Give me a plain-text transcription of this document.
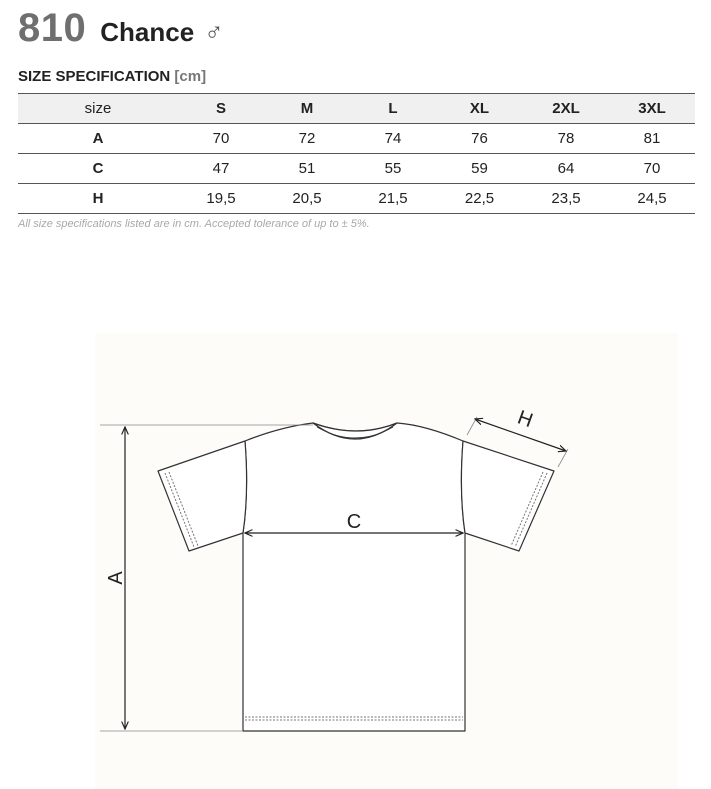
810 Chance ♂
SIZE SPECIFICATION [cm]
size	S	M	L	XL	2XL	3XL
A	70	72	74	76	78	81
C	47	51	55	59	64	70
H	19,5	20,5	21,5	22,5	23,5	24,5
All size specifications listed are in cm. Accepted tolerance of up to ± 5%.
A
C
H
